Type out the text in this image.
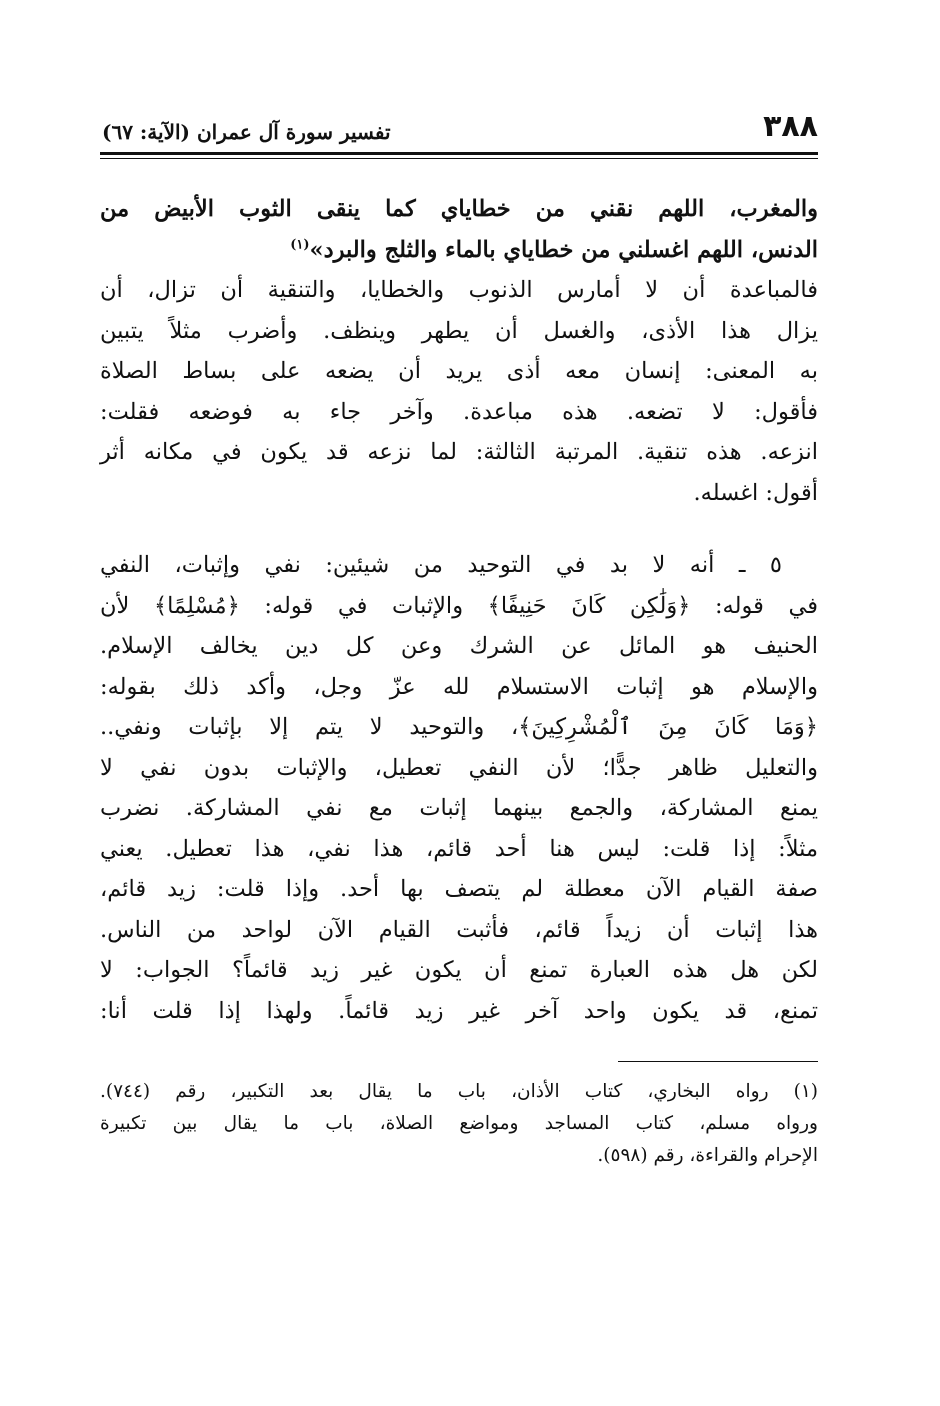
٣٨٨
تفسير سورة آل عمران (الآية: ٦٧)

والمغرب، اللهم نقني من خطاياي كما ينقى الثوب الأبيض من
الدنس، اللهم اغسلني من خطاياي بالماء والثلج والبرد»$^{(١)}$

فالمباعدة أن لا أمارس الذنوب والخطايا، والتنقية أن تزال، أن
يزال هذا الأذى، والغسل أن يطهر وينظف. وأضرب مثلاً يتبين
به المعنى: إنسان معه أذى يريد أن يضعه على بساط الصلاة
فأقول: لا تضعه. هذه مباعدة. وآخر جاء به فوضعه فقلت:
انزعه. هذه تنقية. المرتبة الثالثة: لما نزعه قد يكون في مكانه أثر
أقول: اغسله.

٥ ـ أنه لا بد في التوحيد من شيئين: نفي وإثبات، النفي
في قوله: ﴿وَلَٰكِن كَانَ حَنِيفًا﴾ والإثبات في قوله: ﴿مُسْلِمًا﴾ لأن
الحنيف هو المائل عن الشرك وعن كل دين يخالف الإسلام.
والإسلام هو إثبات الاستسلام لله عزّ وجل، وأكد ذلك بقوله:
﴿وَمَا كَانَ مِنَ ٱلْمُشْرِكِينَ﴾، والتوحيد لا يتم إلا بإثبات ونفي..
والتعليل ظاهر جدًّا؛ لأن النفي تعطيل، والإثبات بدون نفي لا
يمنع المشاركة، والجمع بينهما إثبات مع نفي المشاركة. نضرب
مثلاً: إذا قلت: ليس هنا أحد قائم، هذا نفي، هذا تعطيل. يعني
صفة القيام الآن معطلة لم يتصف بها أحد. وإذا قلت: زيد قائم،
هذا إثبات أن زيداً قائم، فأثبت القيام الآن لواحد من الناس.
لكن هل هذه العبارة تمنع أن يكون غير زيد قائماً؟ الجواب: لا
تمنع، قد يكون واحد آخر غير زيد قائماً. ولهذا إذا قلت أنا:

(١) رواه البخاري، كتاب الأذان، باب ما يقال بعد التكبير، رقم (٧٤٤).
ورواه مسلم، كتاب المساجد ومواضع الصلاة، باب ما يقال بين تكبيرة
الإحرام والقراءة، رقم (٥٩٨).
